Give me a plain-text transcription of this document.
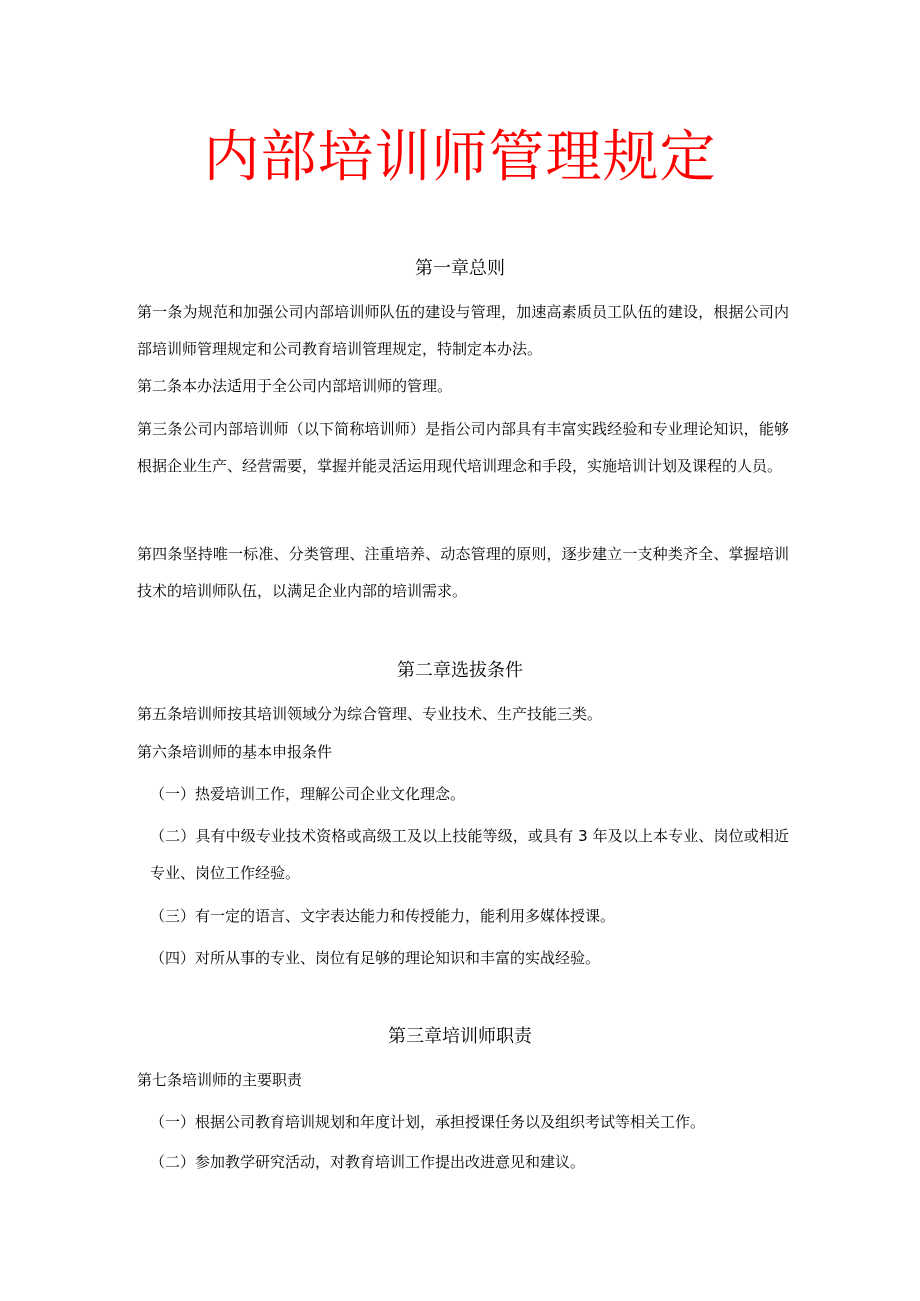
内部培训师管理规定
第一章总则

第一条为规范和加强公司内部培训师队伍的建设与管理，加速高素质员工队伍的建设，根据公司内部培训师管理规定和公司教育培训管理规定，特制定本办法。

第二条本办法适用于全公司内部培训师的管理。

第三条公司内部培训师（以下简称培训师）是指公司内部具有丰富实践经验和专业理论知识，能够根据企业生产、经营需要，掌握并能灵活运用现代培训理念和手段，实施培训计划及课程的人员。

第四条坚持唯一标准、分类管理、注重培养、动态管理的原则，逐步建立一支种类齐全、掌握培训技术的培训师队伍，以满足企业内部的培训需求。

第二章选拔条件

第五条培训师按其培训领域分为综合管理、专业技术、生产技能三类。

第六条培训师的基本申报条件

（一）热爱培训工作，理解公司企业文化理念。

（二）具有中级专业技术资格或高级工及以上技能等级，或具有 3 年及以上本专业、岗位或相近专业、岗位工作经验。

（三）有一定的语言、文字表达能力和传授能力，能利用多媒体授课。

（四）对所从事的专业、岗位有足够的理论知识和丰富的实战经验。

第三章培训师职责

第七条培训师的主要职责

（一）根据公司教育培训规划和年度计划，承担授课任务以及组织考试等相关工作。

（二）参加教学研究活动，对教育培训工作提出改进意见和建议。
